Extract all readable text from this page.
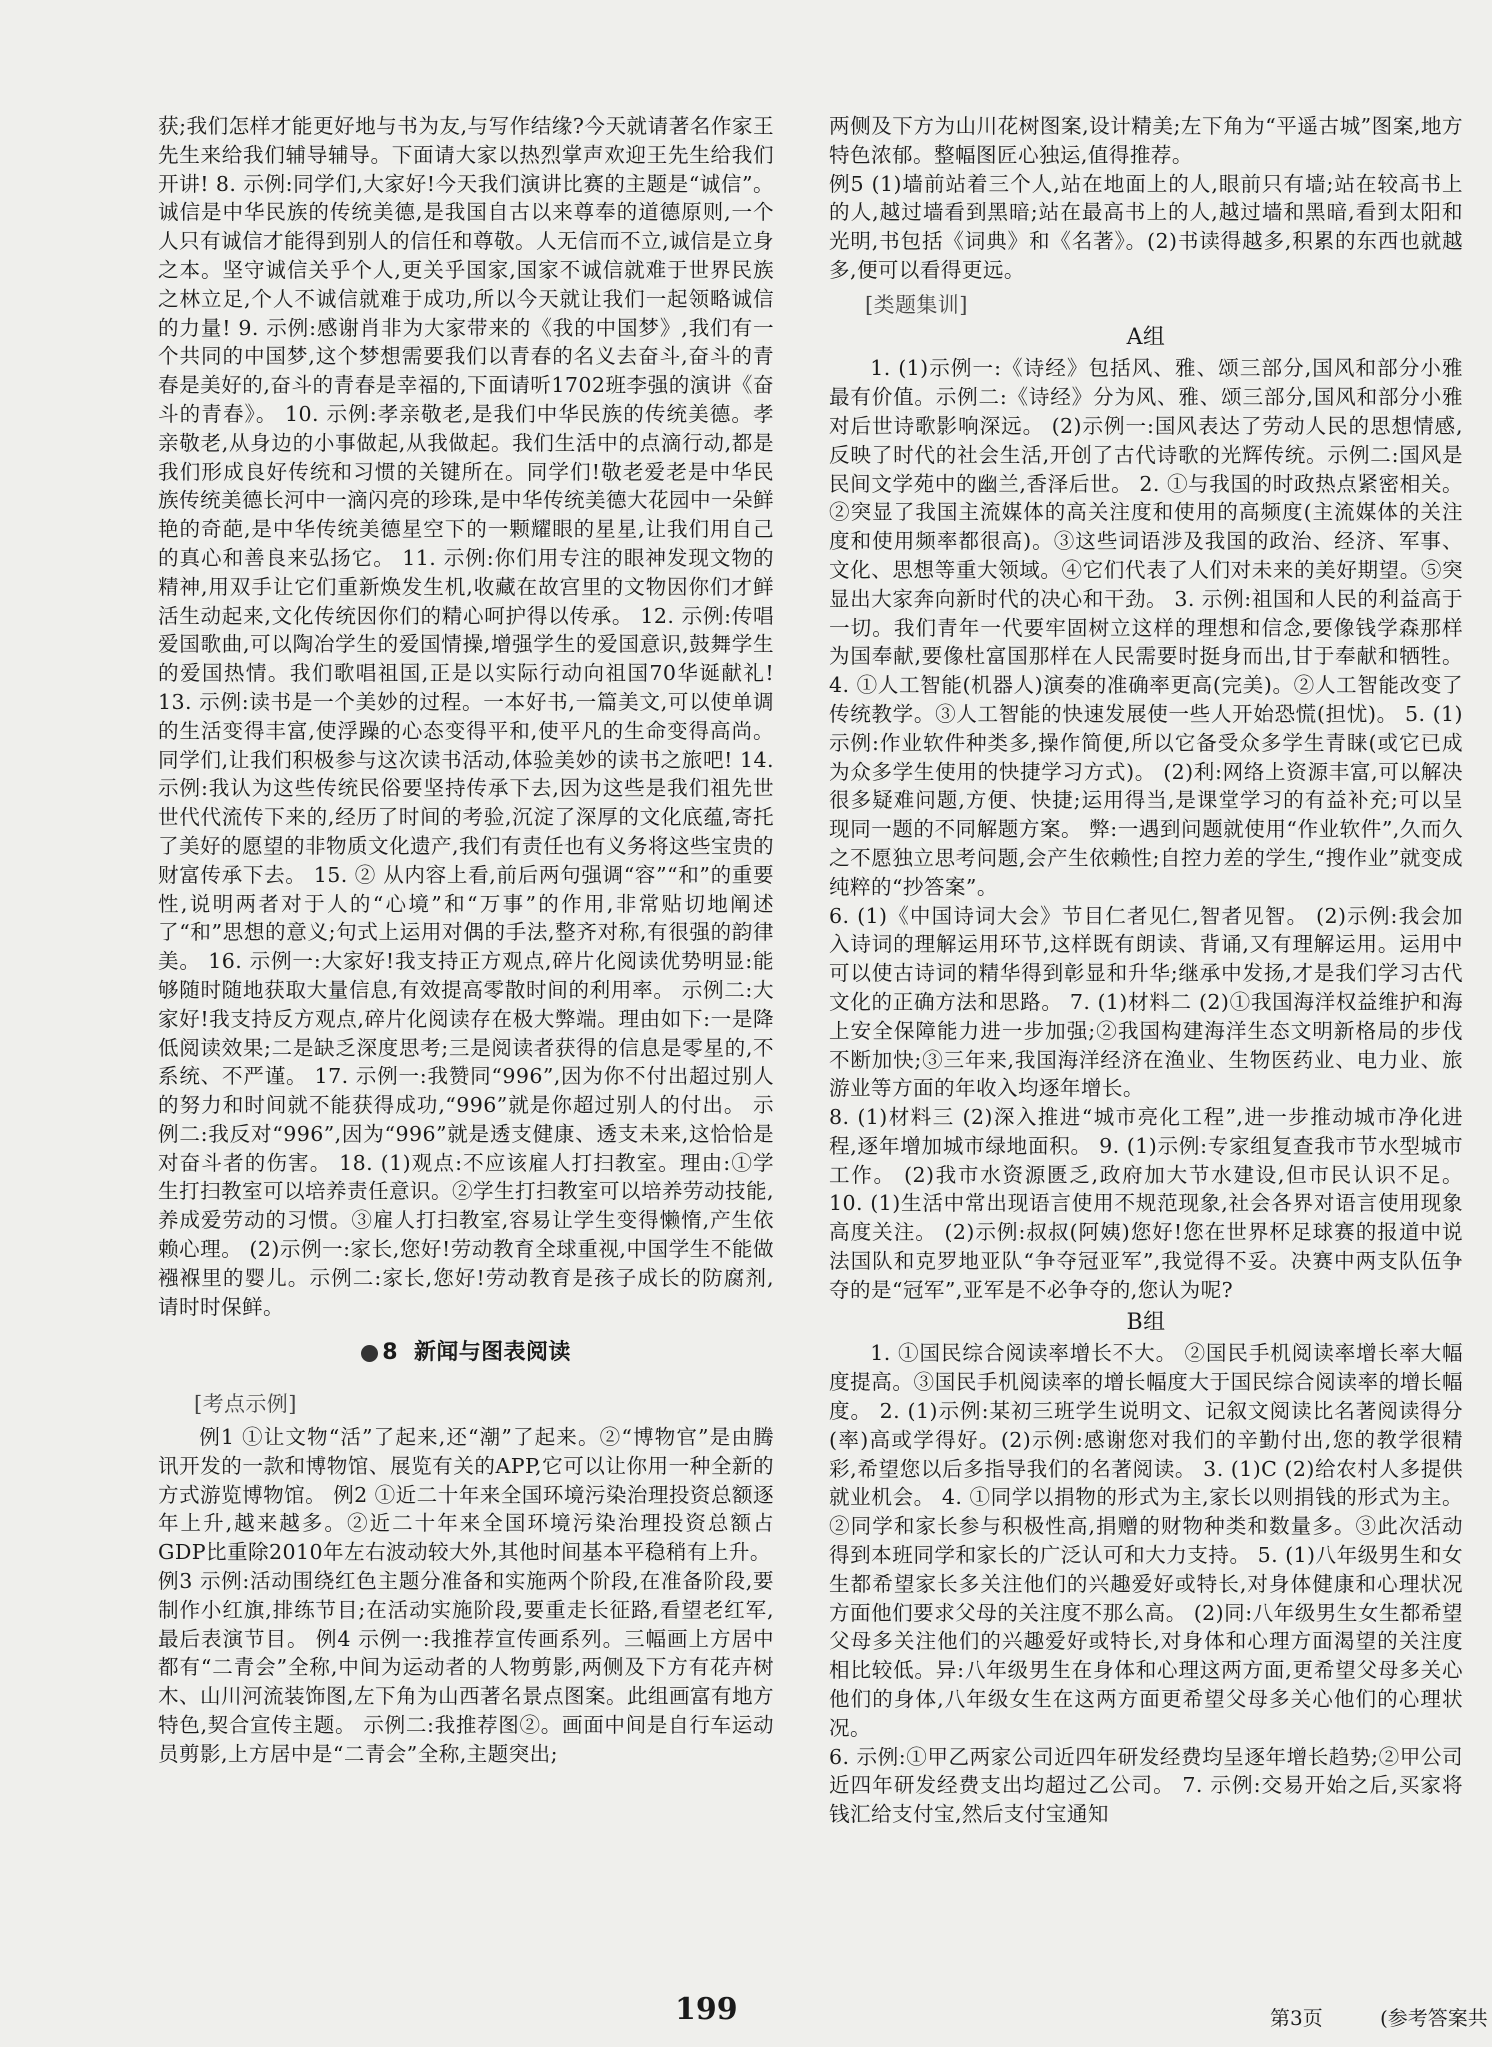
获;我们怎样才能更好地与书为友,与写作结缘?今天就请著名作家王先生来给我们辅导辅导。下面请大家以热烈掌声欢迎王先生给我们开讲! 8. 示例:同学们,大家好!今天我们演讲比赛的主题是“诚信”。诚信是中华民族的传统美德,是我国自古以来尊奉的道德原则,一个人只有诚信才能得到别人的信任和尊敬。人无信而不立,诚信是立身之本。坚守诚信关乎个人,更关乎国家,国家不诚信就难于世界民族之林立足,个人不诚信就难于成功,所以今天就让我们一起领略诚信的力量! 9. 示例:感谢肖非为大家带来的《我的中国梦》,我们有一个共同的中国梦,这个梦想需要我们以青春的名义去奋斗,奋斗的青春是美好的,奋斗的青春是幸福的,下面请听1702班李强的演讲《奋斗的青春》。 10. 示例:孝亲敬老,是我们中华民族的传统美德。孝亲敬老,从身边的小事做起,从我做起。我们生活中的点滴行动,都是我们形成良好传统和习惯的关键所在。同学们!敬老爱老是中华民族传统美德长河中一滴闪亮的珍珠,是中华传统美德大花园中一朵鲜艳的奇葩,是中华传统美德星空下的一颗耀眼的星星,让我们用自己的真心和善良来弘扬它。 11. 示例:你们用专注的眼神发现文物的精神,用双手让它们重新焕发生机,收藏在故宫里的文物因你们才鲜活生动起来,文化传统因你们的精心呵护得以传承。 12. 示例:传唱爱国歌曲,可以陶冶学生的爱国情操,增强学生的爱国意识,鼓舞学生的爱国热情。我们歌唱祖国,正是以实际行动向祖国70华诞献礼! 13. 示例:读书是一个美妙的过程。一本好书,一篇美文,可以使单调的生活变得丰富,使浮躁的心态变得平和,使平凡的生命变得高尚。同学们,让我们积极参与这次读书活动,体验美妙的读书之旅吧! 14. 示例:我认为这些传统民俗要坚持传承下去,因为这些是我们祖先世世代代流传下来的,经历了时间的考验,沉淀了深厚的文化底蕴,寄托了美好的愿望的非物质文化遗产,我们有责任也有义务将这些宝贵的财富传承下去。 15. ② 从内容上看,前后两句强调“容”“和”的重要性,说明两者对于人的“心境”和“万事”的作用,非常贴切地阐述了“和”思想的意义;句式上运用对偶的手法,整齐对称,有很强的韵律美。 16. 示例一:大家好!我支持正方观点,碎片化阅读优势明显:能够随时随地获取大量信息,有效提高零散时间的利用率。 示例二:大家好!我支持反方观点,碎片化阅读存在极大弊端。理由如下:一是降低阅读效果;二是缺乏深度思考;三是阅读者获得的信息是零星的,不系统、不严谨。 17. 示例一:我赞同“996”,因为你不付出超过别人的努力和时间就不能获得成功,“996”就是你超过别人的付出。 示例二:我反对“996”,因为“996”就是透支健康、透支未来,这恰恰是对奋斗者的伤害。 18. (1)观点:不应该雇人打扫教室。理由:①学生打扫教室可以培养责任意识。②学生打扫教室可以培养劳动技能,养成爱劳动的习惯。③雇人打扫教室,容易让学生变得懒惰,产生依赖心理。 (2)示例一:家长,您好!劳动教育全球重视,中国学生不能做襁褓里的婴儿。示例二:家长,您好!劳动教育是孩子成长的防腐剂,请时时保鲜。

8 新闻与图表阅读
[考点示例]

例1 ①让文物“活”了起来,还“潮”了起来。②“博物官”是由腾讯开发的一款和博物馆、展览有关的APP,它可以让你用一种全新的方式游览博物馆。 例2 ①近二十年来全国环境污染治理投资总额逐年上升,越来越多。②近二十年来全国环境污染治理投资总额占GDP比重除2010年左右波动较大外,其他时间基本平稳稍有上升。

例3 示例:活动围绕红色主题分准备和实施两个阶段,在准备阶段,要制作小红旗,排练节目;在活动实施阶段,要重走长征路,看望老红军,最后表演节目。 例4 示例一:我推荐宣传画系列。三幅画上方居中都有“二青会”全称,中间为运动者的人物剪影,两侧及下方有花卉树木、山川河流装饰图,左下角为山西著名景点图案。此组画富有地方特色,契合宣传主题。 示例二:我推荐图②。画面中间是自行车运动员剪影,上方居中是“二青会”全称,主题突出;

两侧及下方为山川花树图案,设计精美;左下角为“平遥古城”图案,地方特色浓郁。整幅图匠心独运,值得推荐。

例5 (1)墙前站着三个人,站在地面上的人,眼前只有墙;站在较高书上的人,越过墙看到黑暗;站在最高书上的人,越过墙和黑暗,看到太阳和光明,书包括《词典》和《名著》。(2)书读得越多,积累的东西也就越多,便可以看得更远。

[类题集训]
A组

1. (1)示例一:《诗经》包括风、雅、颂三部分,国风和部分小雅最有价值。示例二:《诗经》分为风、雅、颂三部分,国风和部分小雅对后世诗歌影响深远。 (2)示例一:国风表达了劳动人民的思想情感,反映了时代的社会生活,开创了古代诗歌的光辉传统。示例二:国风是民间文学苑中的幽兰,香泽后世。 2. ①与我国的时政热点紧密相关。②突显了我国主流媒体的高关注度和使用的高频度(主流媒体的关注度和使用频率都很高)。③这些词语涉及我国的政治、经济、军事、文化、思想等重大领域。④它们代表了人们对未来的美好期望。⑤突显出大家奔向新时代的决心和干劲。 3. 示例:祖国和人民的利益高于一切。我们青年一代要牢固树立这样的理想和信念,要像钱学森那样为国奉献,要像杜富国那样在人民需要时挺身而出,甘于奉献和牺牲。 4. ①人工智能(机器人)演奏的准确率更高(完美)。②人工智能改变了传统教学。③人工智能的快速发展使一些人开始恐慌(担忧)。 5. (1)示例:作业软件种类多,操作简便,所以它备受众多学生青睐(或它已成为众多学生使用的快捷学习方式)。 (2)利:网络上资源丰富,可以解决很多疑难问题,方便、快捷;运用得当,是课堂学习的有益补充;可以呈现同一题的不同解题方案。 弊:一遇到问题就使用“作业软件”,久而久之不愿独立思考问题,会产生依赖性;自控力差的学生,“搜作业”就变成纯粹的“抄答案”。

6. (1)《中国诗词大会》节目仁者见仁,智者见智。 (2)示例:我会加入诗词的理解运用环节,这样既有朗读、背诵,又有理解运用。运用中可以使古诗词的精华得到彰显和升华;继承中发扬,才是我们学习古代文化的正确方法和思路。 7. (1)材料二 (2)①我国海洋权益维护和海上安全保障能力进一步加强;②我国构建海洋生态文明新格局的步伐不断加快;③三年来,我国海洋经济在渔业、生物医药业、电力业、旅游业等方面的年收入均逐年增长。

8. (1)材料三 (2)深入推进“城市亮化工程”,进一步推动城市净化进程,逐年增加城市绿地面积。 9. (1)示例:专家组复查我市节水型城市工作。 (2)我市水资源匮乏,政府加大节水建设,但市民认识不足。 10. (1)生活中常出现语言使用不规范现象,社会各界对语言使用现象高度关注。 (2)示例:叔叔(阿姨)您好!您在世界杯足球赛的报道中说法国队和克罗地亚队“争夺冠亚军”,我觉得不妥。决赛中两支队伍争夺的是“冠军”,亚军是不必争夺的,您认为呢?

B组

1. ①国民综合阅读率增长不大。 ②国民手机阅读率增长率大幅度提高。③国民手机阅读率的增长幅度大于国民综合阅读率的增长幅度。 2. (1)示例:某初三班学生说明文、记叙文阅读比名著阅读得分(率)高或学得好。(2)示例:感谢您对我们的辛勤付出,您的教学很精彩,希望您以后多指导我们的名著阅读。 3. (1)C (2)给农村人多提供就业机会。 4. ①同学以捐物的形式为主,家长以则捐钱的形式为主。②同学和家长参与积极性高,捐赠的财物种类和数量多。③此次活动得到本班同学和家长的广泛认可和大力支持。 5. (1)八年级男生和女生都希望家长多关注他们的兴趣爱好或特长,对身体健康和心理状况方面他们要求父母的关注度不那么高。 (2)同:八年级男生女生都希望父母多关注他们的兴趣爱好或特长,对身体和心理方面渴望的关注度相比较低。异:八年级男生在身体和心理这两方面,更希望父母多关心他们的身体,八年级女生在这两方面更希望父母多关心他们的心理状况。

6. 示例:①甲乙两家公司近四年研发经费均呈逐年增长趋势;②甲公司近四年研发经费支出均超过乙公司。 7. 示例:交易开始之后,买家将钱汇给支付宝,然后支付宝通知

199	第3页	(参考答案共
